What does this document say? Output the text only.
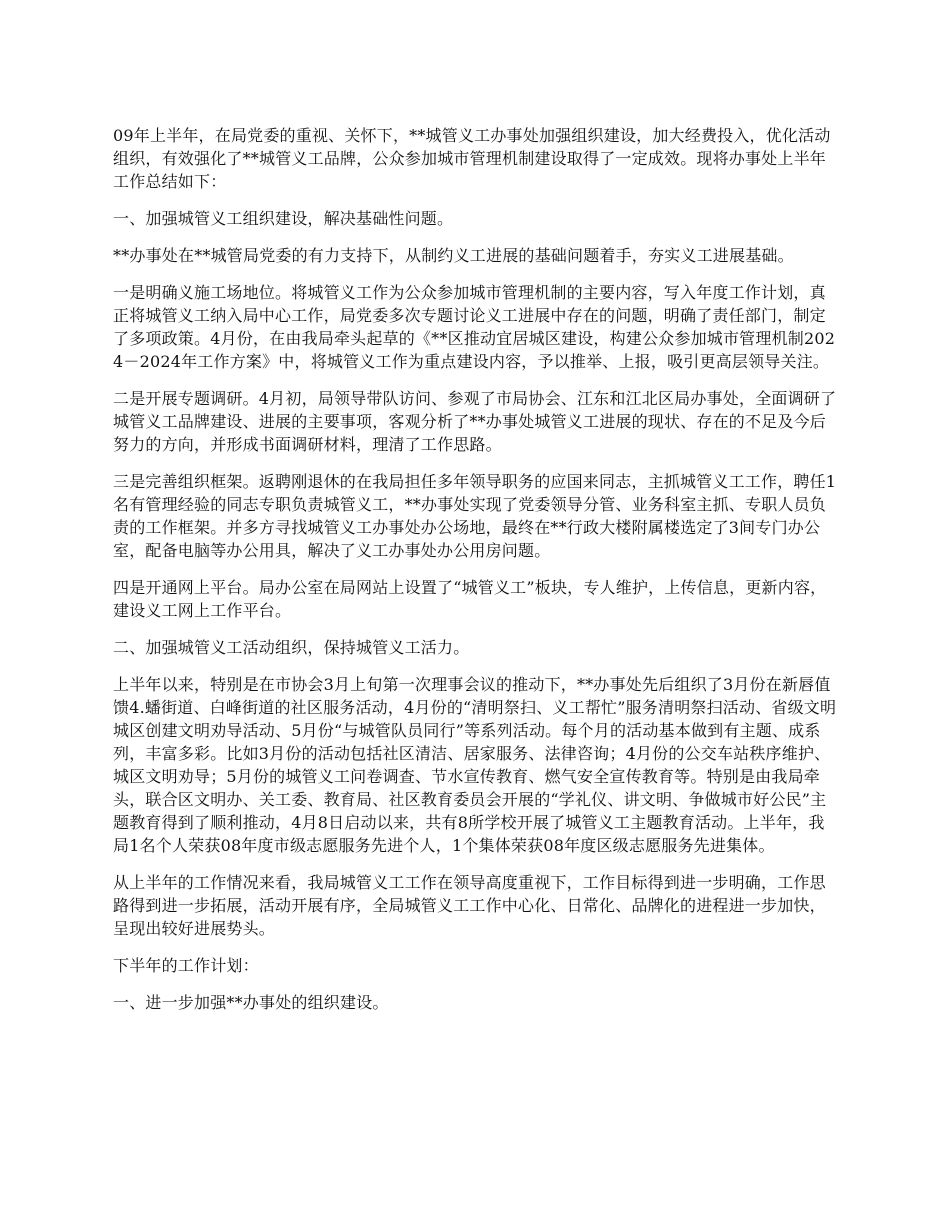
09年上半年，在局党委的重视、关怀下，**城管义工办事处加强组织建设，加大经费投入，优化活动组织，有效强化了**城管义工品牌，公众参加城市管理机制建设取得了一定成效。现将办事处上半年工作总结如下：

一、加强城管义工组织建设，解决基础性问题。

**办事处在**城管局党委的有力支持下，从制约义工进展的基础问题着手，夯实义工进展基础。

一是明确义施工场地位。将城管义工作为公众参加城市管理机制的主要内容，写入年度工作计划，真正将城管义工纳入局中心工作，局党委多次专题讨论义工进展中存在的问题，明确了责任部门，制定了多项政策。4月份，在由我局牵头起草的《**区推动宜居城区建设，构建公众参加城市管理机制2024－2024年工作方案》中，将城管义工作为重点建设内容，予以推举、上报，吸引更高层领导关注。

二是开展专题调研。4月初，局领导带队访问、参观了市局协会、江东和江北区局办事处，全面调研了城管义工品牌建设、进展的主要事项，客观分析了**办事处城管义工进展的现状、存在的不足及今后努力的方向，并形成书面调研材料，理清了工作思路。

三是完善组织框架。返聘刚退休的在我局担任多年领导职务的应国来同志，主抓城管义工工作，聘任1名有管理经验的同志专职负责城管义工，**办事处实现了党委领导分管、业务科室主抓、专职人员负责的工作框架。并多方寻找城管义工办事处办公场地，最终在**行政大楼附属楼选定了3间专门办公室，配备电脑等办公用具，解决了义工办事处办公用房问题。

四是开通网上平台。局办公室在局网站上设置了“城管义工”板块，专人维护，上传信息，更新内容，建设义工网上工作平台。

二、加强城管义工活动组织，保持城管义工活力。

上半年以来，特别是在市协会3月上旬第一次理事会议的推动下，**办事处先后组织了3月份在新唇值馈4.蟠街道、白峰街道的社区服务活动，4月份的“清明祭扫、义工帮忙”服务清明祭扫活动、省级文明城区创建文明劝导活动、5月份“与城管队员同行”等系列活动。每个月的活动基本做到有主题、成系列，丰富多彩。比如3月份的活动包括社区清洁、居家服务、法律咨询；4月份的公交车站秩序维护、城区文明劝导；5月份的城管义工问卷调查、节水宣传教育、燃气安全宣传教育等。特别是由我局牵头，联合区文明办、关工委、教育局、社区教育委员会开展的“学礼仪、讲文明、争做城市好公民”主题教育得到了顺利推动，4月8日启动以来，共有8所学校开展了城管义工主题教育活动。上半年，我局1名个人荣获08年度市级志愿服务先进个人，1个集体荣获08年度区级志愿服务先进集体。

从上半年的工作情况来看，我局城管义工工作在领导高度重视下，工作目标得到进一步明确，工作思路得到进一步拓展，活动开展有序，全局城管义工工作中心化、日常化、品牌化的进程进一步加快，呈现出较好进展势头。

下半年的工作计划：

一、进一步加强**办事处的组织建设。
